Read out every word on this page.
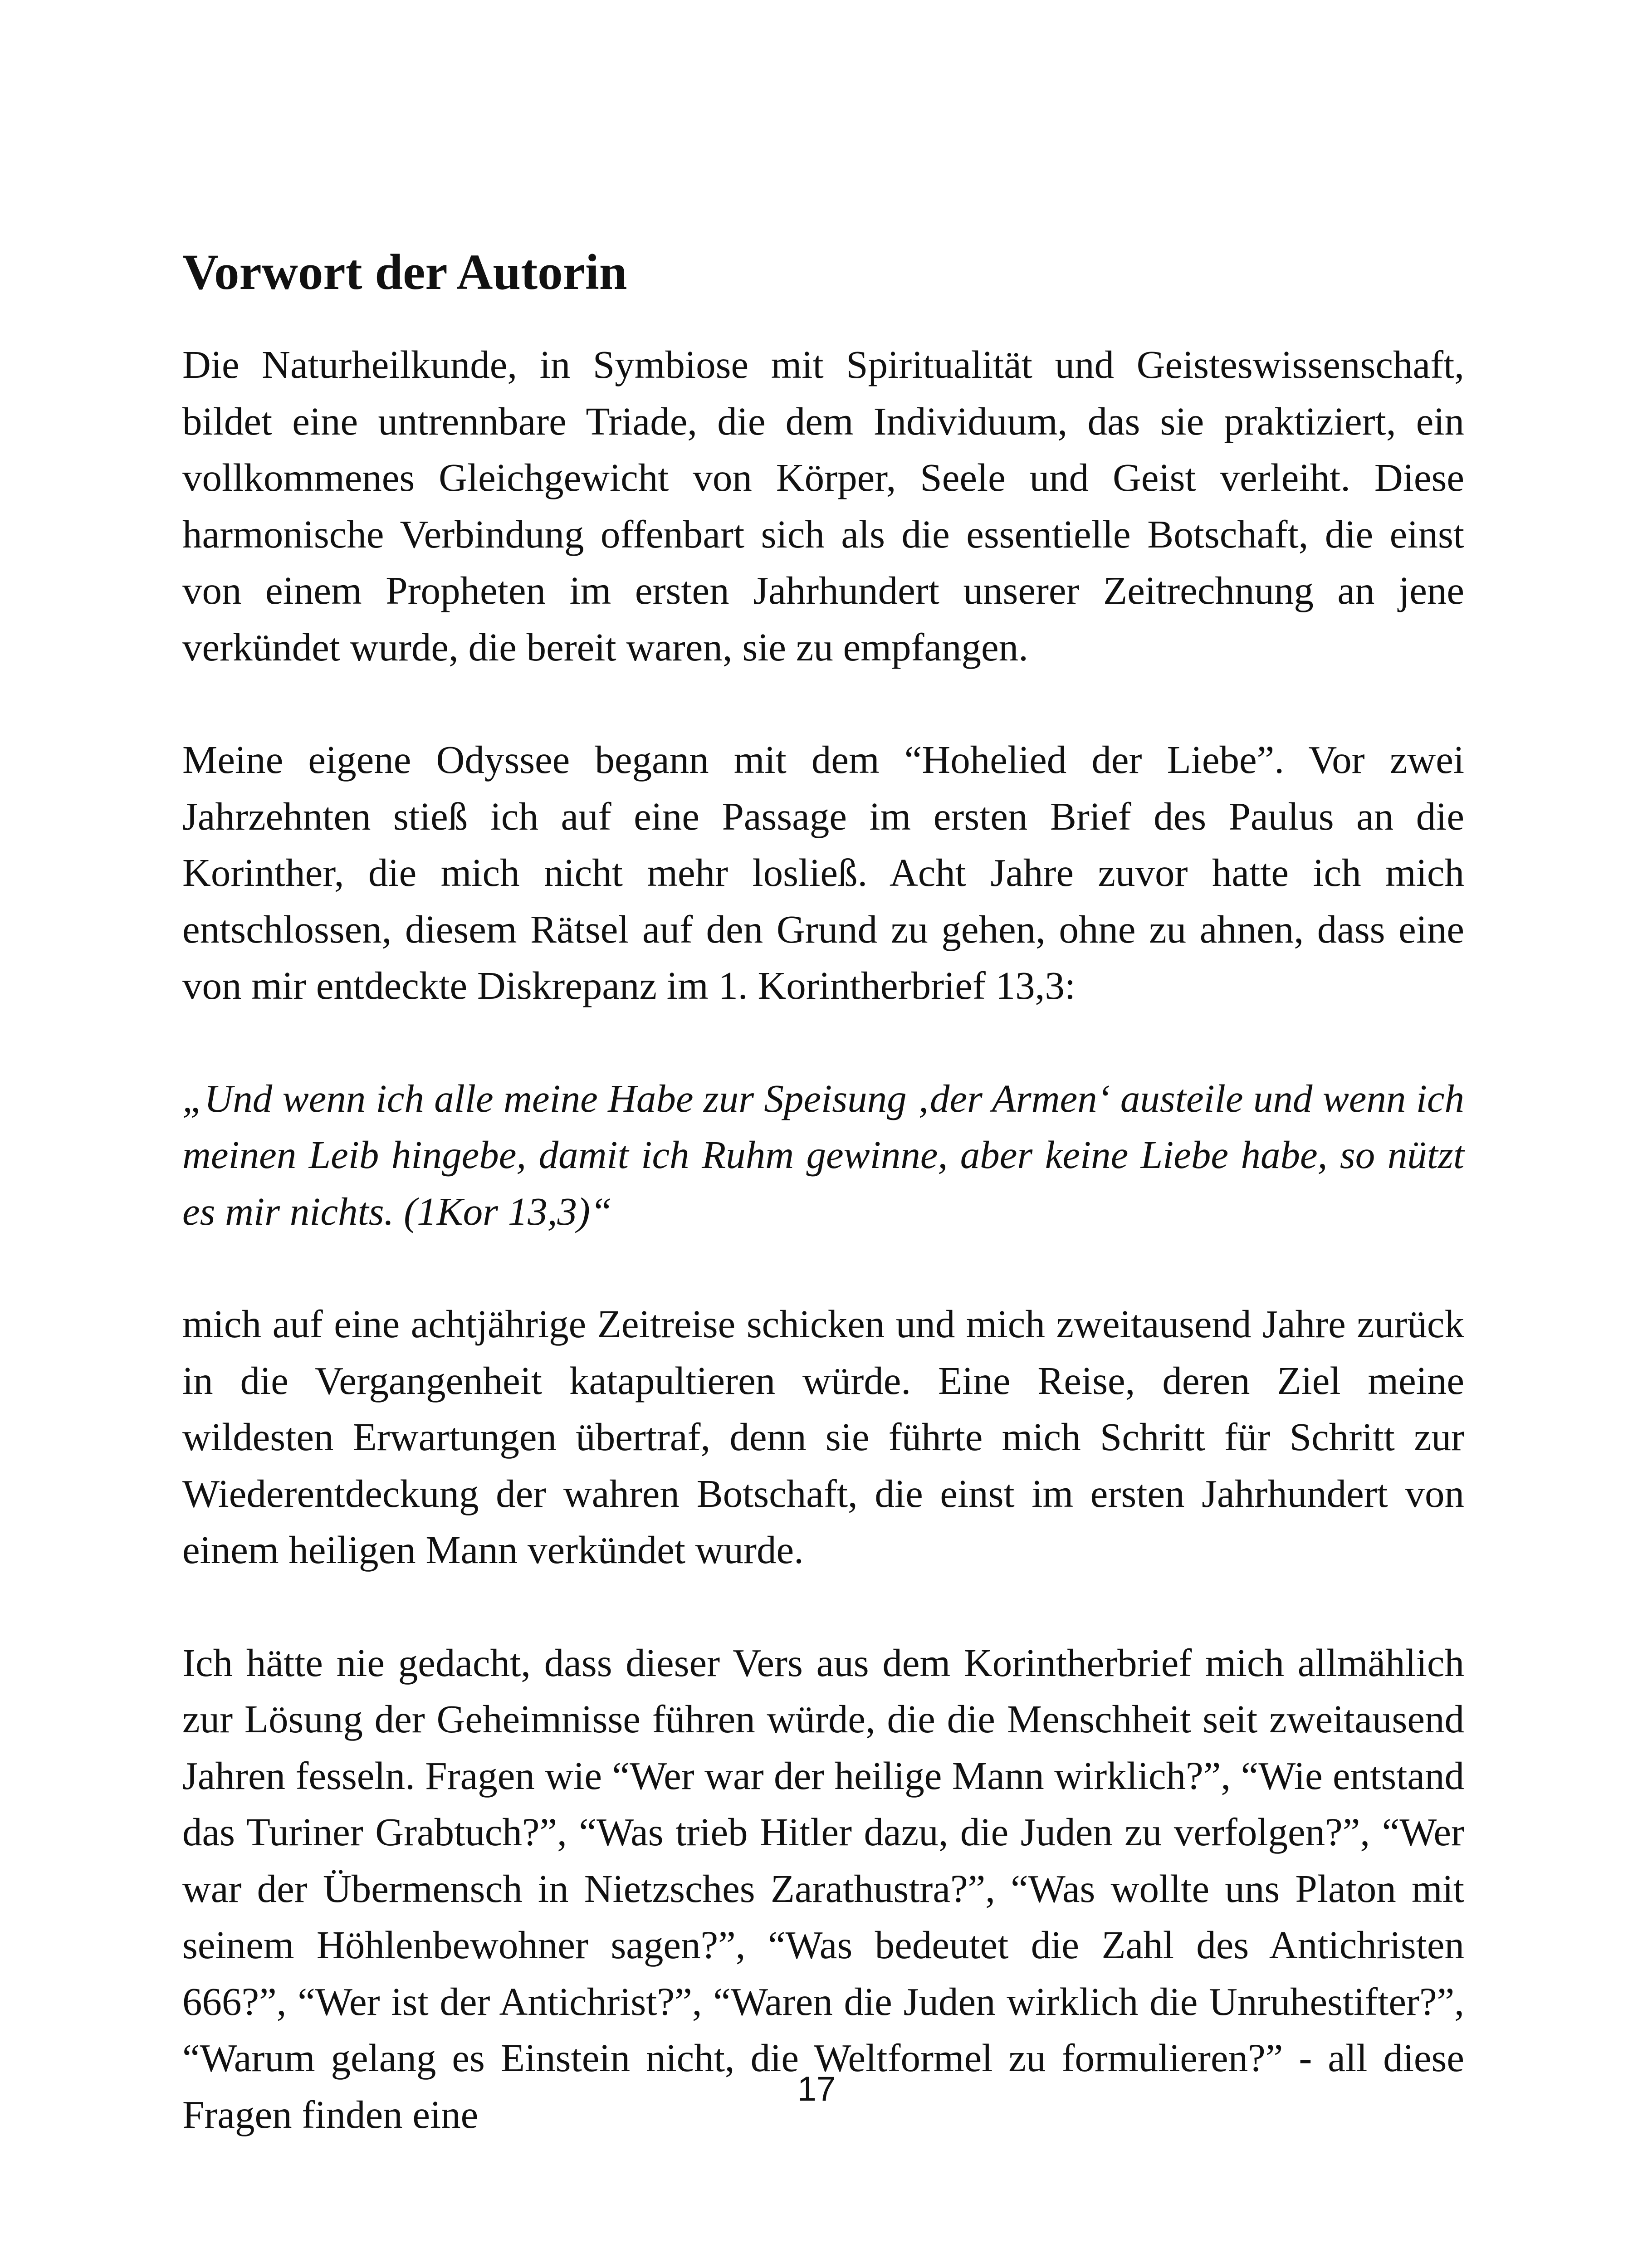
Vorwort der Autorin

Die Naturheilkunde, in Symbiose mit Spiritualität und Geisteswissenschaft, bildet eine untrennbare Triade, die dem Individuum, das sie praktiziert, ein vollkommenes Gleichgewicht von Körper, Seele und Geist verleiht. Diese harmonische Verbindung offenbart sich als die essentielle Botschaft, die einst von einem Propheten im ersten Jahrhundert unserer Zeitrechnung an jene verkündet wurde, die bereit waren, sie zu empfangen.

Meine eigene Odyssee begann mit dem “Hohelied der Liebe”. Vor zwei Jahrzehnten stieß ich auf eine Passage im ersten Brief des Paulus an die Korinther, die mich nicht mehr losließ. Acht Jahre zuvor hatte ich mich entschlossen, diesem Rätsel auf den Grund zu gehen, ohne zu ahnen, dass eine von mir entdeckte Diskrepanz im 1. Korintherbrief 13,3:

„Und wenn ich alle meine Habe zur Speisung ‚der Armen‘ austeile und wenn ich meinen Leib hingebe, damit ich Ruhm gewinne, aber keine Liebe habe, so nützt es mir nichts. (1Kor 13,3)“

mich auf eine achtjährige Zeitreise schicken und mich zweitausend Jahre zurück in die Vergangenheit katapultieren würde. Eine Reise, deren Ziel meine wildesten Erwartungen übertraf, denn sie führte mich Schritt für Schritt zur Wiederentdeckung der wahren Botschaft, die einst im ersten Jahrhundert von einem heiligen Mann verkündet wurde.

Ich hätte nie gedacht, dass dieser Vers aus dem Korintherbrief mich allmählich zur Lösung der Geheimnisse führen würde, die die Menschheit seit zweitausend Jahren fesseln. Fragen wie “Wer war der heilige Mann wirklich?”, “Wie entstand das Turiner Grabtuch?”, “Was trieb Hitler dazu, die Juden zu verfolgen?”, “Wer war der Übermensch in Nietzsches Zarathustra?”, “Was wollte uns Platon mit seinem Höhlenbewohner sagen?”, “Was bedeutet die Zahl des Antichristen 666?”, “Wer ist der Antichrist?”, “Waren die Juden wirklich die Unruhestifter?”, “Warum gelang es Einstein nicht, die Weltformel zu formulieren?” - all diese Fragen finden eine

17
